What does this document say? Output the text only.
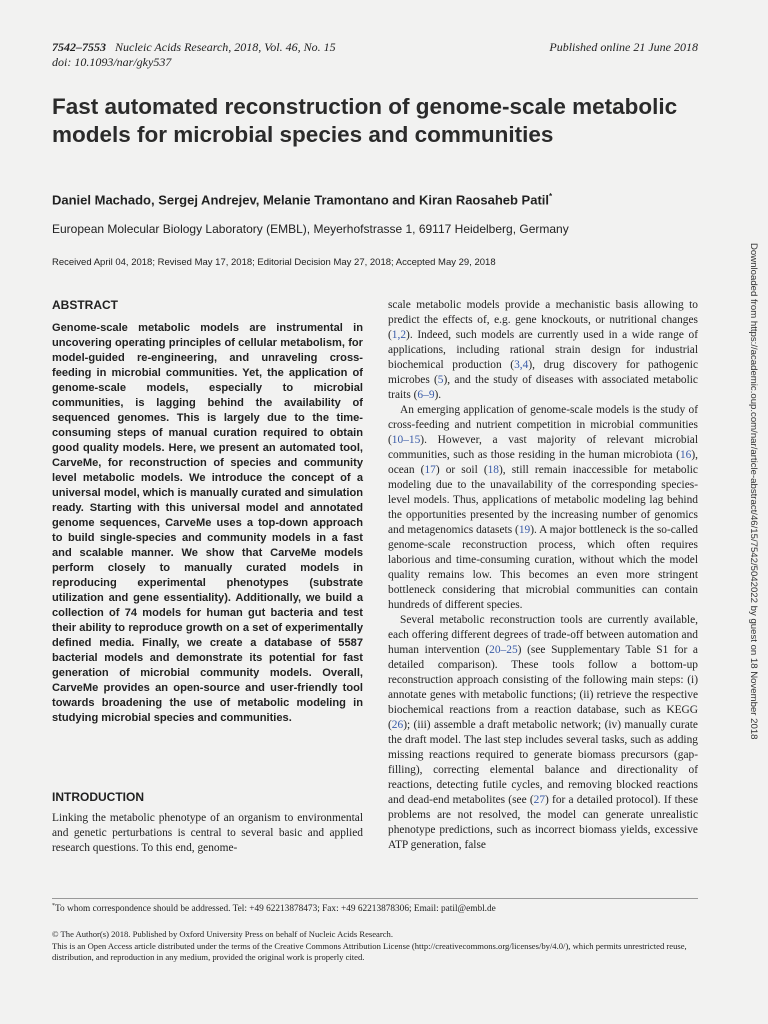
7542–7553 Nucleic Acids Research, 2018, Vol. 46, No. 15
doi: 10.1093/nar/gky537
Published online 21 June 2018
Fast automated reconstruction of genome-scale metabolic models for microbial species and communities
Daniel Machado, Sergej Andrejev, Melanie Tramontano and Kiran Raosaheb Patil*
European Molecular Biology Laboratory (EMBL), Meyerhofstrasse 1, 69117 Heidelberg, Germany
Received April 04, 2018; Revised May 17, 2018; Editorial Decision May 27, 2018; Accepted May 29, 2018
ABSTRACT

Genome-scale metabolic models are instrumental in uncovering operating principles of cellular metabolism, for model-guided re-engineering, and unraveling cross-feeding in microbial communities. Yet, the application of genome-scale models, especially to microbial communities, is lagging behind the availability of sequenced genomes. This is largely due to the time-consuming steps of manual curation required to obtain good quality models. Here, we present an automated tool, CarveMe, for reconstruction of species and community level metabolic models. We introduce the concept of a universal model, which is manually curated and simulation ready. Starting with this universal model and annotated genome sequences, CarveMe uses a top-down approach to build single-species and community models in a fast and scalable manner. We show that CarveMe models perform closely to manually curated models in reproducing experimental phenotypes (substrate utilization and gene essentiality). Additionally, we build a collection of 74 models for human gut bacteria and test their ability to reproduce growth on a set of experimentally defined media. Finally, we create a database of 5587 bacterial models and demonstrate its potential for fast generation of microbial community models. Overall, CarveMe provides an open-source and user-friendly tool towards broadening the use of metabolic modeling in studying microbial species and communities.

INTRODUCTION

Linking the metabolic phenotype of an organism to environmental and genetic perturbations is central to several basic and applied research questions. To this end, genome-

scale metabolic models provide a mechanistic basis allowing to predict the effects of, e.g. gene knockouts, or nutritional changes (1,2). Indeed, such models are currently used in a wide range of applications, including rational strain design for industrial biochemical production (3,4), drug discovery for pathogenic microbes (5), and the study of diseases with associated metabolic traits (6–9).

An emerging application of genome-scale models is the study of cross-feeding and nutrient competition in microbial communities (10–15). However, a vast majority of relevant microbial communities, such as those residing in the human microbiota (16), ocean (17) or soil (18), still remain inaccessible for metabolic modeling due to the unavailability of the corresponding species-level models. Thus, applications of metabolic modeling lag behind the opportunities presented by the increasing number of genomics and metagenomics datasets (19). A major bottleneck is the so-called genome-scale reconstruction process, which often requires laborious and time-consuming curation, without which the model quality remains low. This becomes an even more stringent bottleneck considering that microbial communities can contain hundreds of different species.

Several metabolic reconstruction tools are currently available, each offering different degrees of trade-off between automation and human intervention (20–25) (see Supplementary Table S1 for a detailed comparison). These tools follow a bottom-up reconstruction approach consisting of the following main steps: (i) annotate genes with metabolic functions; (ii) retrieve the respective biochemical reactions from a reaction database, such as KEGG (26); (iii) assemble a draft metabolic network; (iv) manually curate the draft model. The last step includes several tasks, such as adding missing reactions required to generate biomass precursors (gap-filling), correcting elemental balance and directionality of reactions, detecting futile cycles, and removing blocked reactions and dead-end metabolites (see (27) for a detailed protocol). If these problems are not resolved, the model can generate unrealistic phenotype predictions, such as incorrect biomass yields, excessive ATP generation, false

*To whom correspondence should be addressed. Tel: +49 62213878473; Fax: +49 62213878306; Email: patil@embl.de
© The Author(s) 2018. Published by Oxford University Press on behalf of Nucleic Acids Research.
This is an Open Access article distributed under the terms of the Creative Commons Attribution License (http://creativecommons.org/licenses/by/4.0/), which permits unrestricted reuse, distribution, and reproduction in any medium, provided the original work is properly cited.
Downloaded from https://academic.oup.com/nar/article-abstract/46/15/7542/5042022 by guest on 18 November 2018
